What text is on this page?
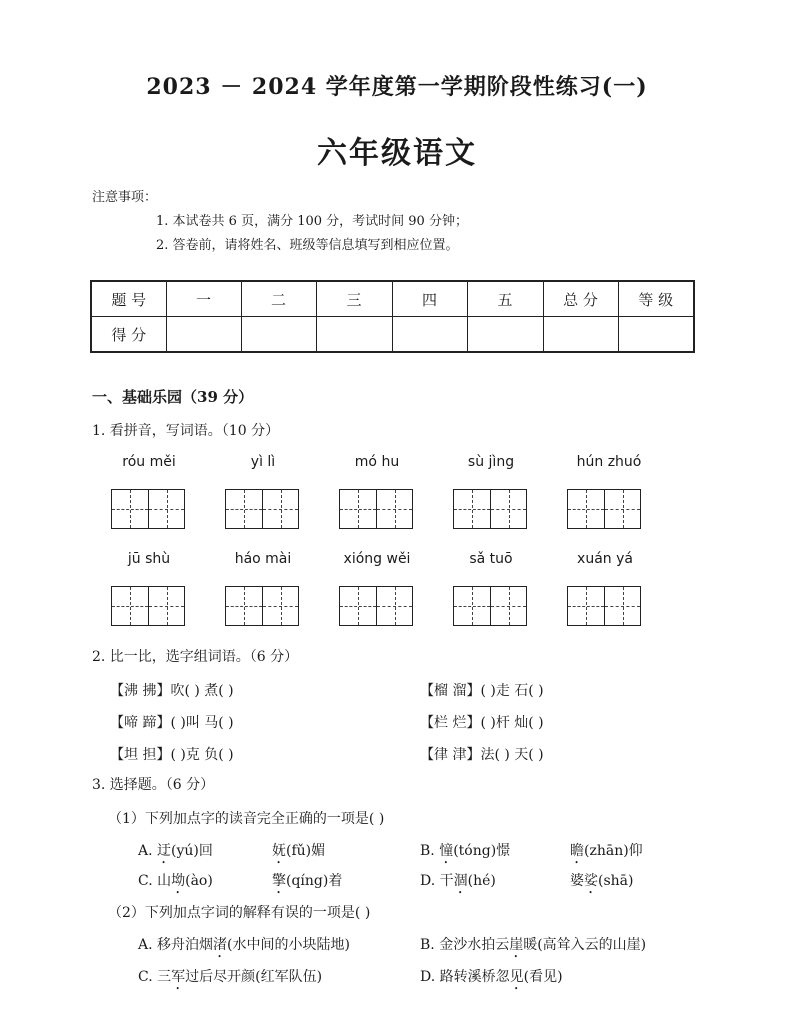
2023 － 2024 学年度第一学期阶段性练习(一)
六年级语文
注意事项：
1. 本试卷共 6 页，满分 100 分，考试时间 90 分钟；
2. 答卷前，请将姓名、班级等信息填写到相应位置。
题 号	一	二	三	四	五	总 分	等 级
得 分							
一、基础乐园（39 分）
1. 看拼音，写词语。（10 分）
róu měi	yì lì	mó hu	sù jìng	hún zhuó
jū shù	háo mài	xióng wěi	sǎ tuō	xuán yá
2. 比一比，选字组词语。（6 分）
【沸 拂】吹( ) 煮( )	【榴 溜】( )走 石( )
【啼 蹄】( )叫 马( )	【栏 烂】( )杆 灿( )
【坦 担】( )克 负( )	【律 津】法( ) 天( )
3. 选择题。（6 分）
（1）下列加点字的读音完全正确的一项是( )
A. 迂(yú)回	妩(fǔ)媚	B. 憧(tóng)憬	瞻(zhān)仰
C. 山坳(ào)	擎(qíng)着	D. 干涸(hé)	婆娑(shā)
（2）下列加点字词的解释有误的一项是( )
A. 移舟泊烟渚(水中间的小块陆地)	B. 金沙水拍云崖暖(高耸入云的山崖)
C. 三军过后尽开颜(红军队伍)	D. 路转溪桥忽见(看见)
